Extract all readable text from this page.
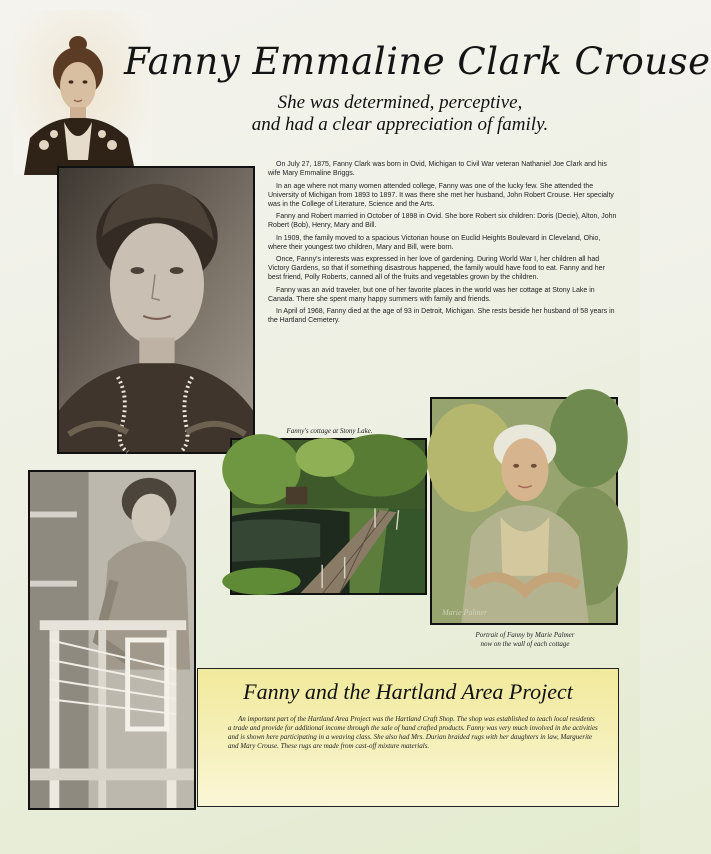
Fanny Emmaline Clark Crouse
She was determined, perceptive,
and had a clear appreciation of family.

On July 27, 1875, Fanny Clark was born in Ovid, Michigan to Civil War veteran Nathaniel Joe Clark and his wife Mary Emmaline Briggs.

In an age where not many women attended college, Fanny was one of the lucky few. She attended the University of Michigan from 1893 to 1897. It was there she met her husband, John Robert Crouse. Her specialty was in the College of Literature, Science and the Arts.

Fanny and Robert married in October of 1898 in Ovid. She bore Robert six children: Doris (Decie), Alton, John Robert (Bob), Henry, Mary and Bill.

In 1909, the family moved to a spacious Victorian house on Euclid Heights Boulevard in Cleveland, Ohio, where their youngest two children, Mary and Bill, were born.

Once, Fanny's interests was expressed in her love of gardening. During World War I, her children all had Victory Gardens, so that if something disastrous happened, the family would have food to eat. Fanny and her best friend, Polly Roberts, canned all of the fruits and vegetables grown by the children.

Fanny was an avid traveler, but one of her favorite places in the world was her cottage at Stony Lake in Canada. There she spent many happy summers with family and friends.

In April of 1968, Fanny died at the age of 93 in Detroit, Michigan. She rests beside her husband of 58 years in the Hartland Cemetery.

Fanny's cottage at Stony Lake.
Marie Palmer
Portrait of Fanny by Marie Palmer
now on the wall of each cottage
Fanny and the Hartland Area Project
An important part of the Hartland Area Project was the Hartland Craft Shop. The shop was established to teach local residents a trade and provide for additional income through the sale of hand crafted products. Fanny was very much involved in the activities and is shown here participating in a weaving class. She also had Mrs. Durian braided rugs with her daughters in law, Marguerite and Mary Crouse. These rugs are made from cast-off mixture materials.
